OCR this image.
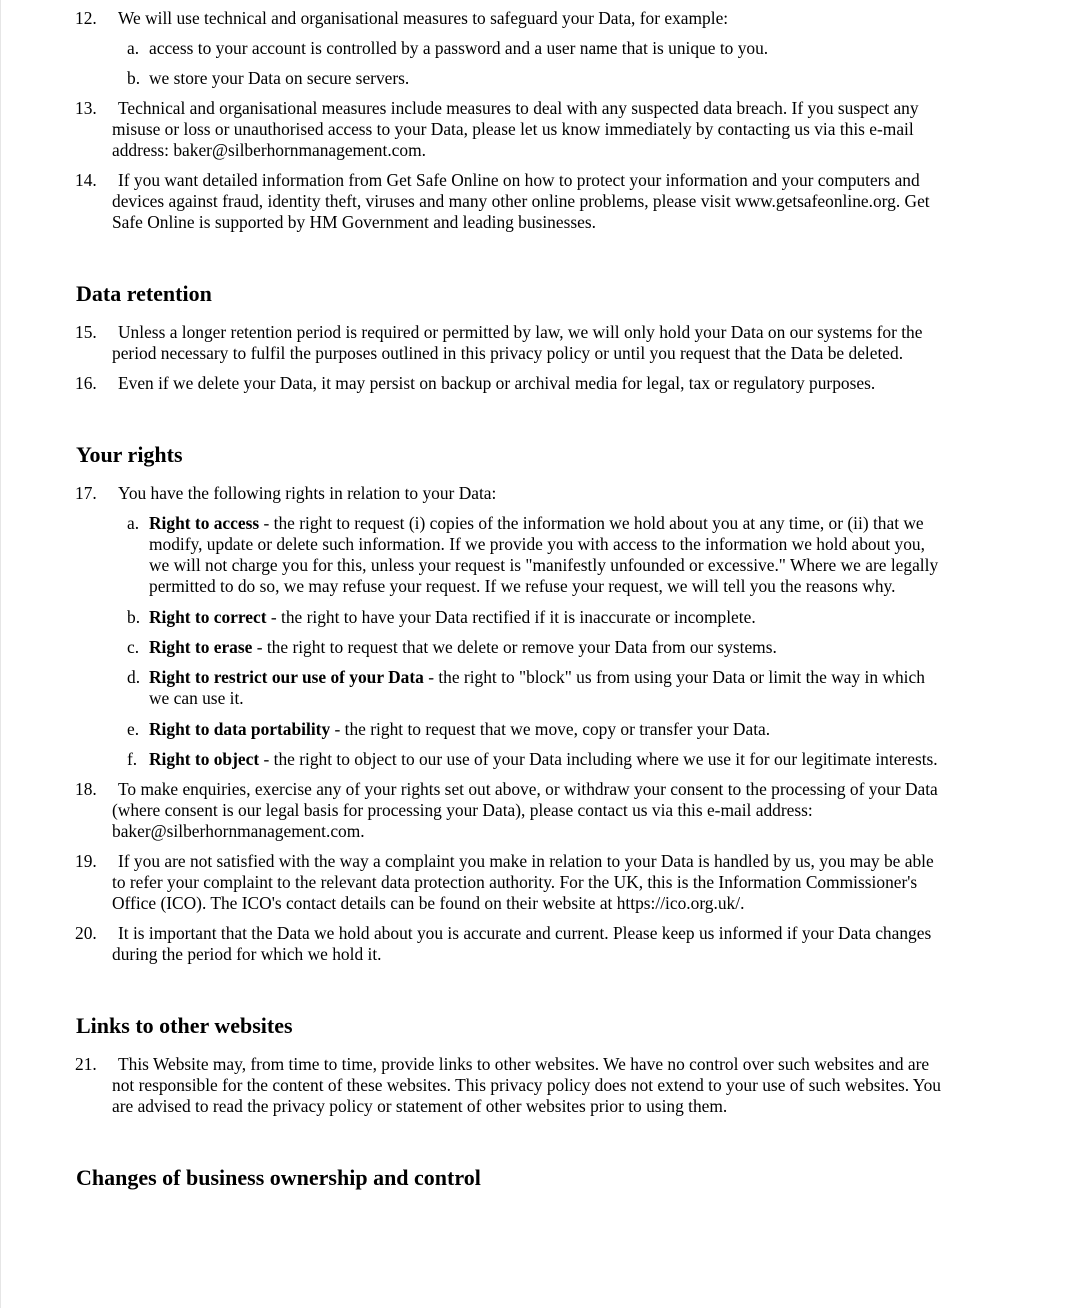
12.	We will use technical and organisational measures to safeguard your Data, for example:
a. access to your account is controlled by a password and a user name that is unique to you.
b. we store your Data on secure servers.
13.	Technical and organisational measures include measures to deal with any suspected data breach. If you suspect any
misuse or loss or unauthorised access to your Data, please let us know immediately by contacting us via this e-mail
address: baker@silberhornmanagement.com.
14.	If you want detailed information from Get Safe Online on how to protect your information and your computers and
devices against fraud, identity theft, viruses and many other online problems, please visit www.getsafeonline.org. Get
Safe Online is supported by HM Government and leading businesses.
Data retention
15.	Unless a longer retention period is required or permitted by law, we will only hold your Data on our systems for the
period necessary to fulfil the purposes outlined in this privacy policy or until you request that the Data be deleted.
16.	Even if we delete your Data, it may persist on backup or archival media for legal, tax or regulatory purposes.
Your rights
17.	You have the following rights in relation to your Data:
a. Right to access - the right to request (i) copies of the information we hold about you at any time, or (ii) that we
modify, update or delete such information. If we provide you with access to the information we hold about you,
we will not charge you for this, unless your request is "manifestly unfounded or excessive." Where we are legally
permitted to do so, we may refuse your request. If we refuse your request, we will tell you the reasons why.
b. Right to correct - the right to have your Data rectified if it is inaccurate or incomplete.
c. Right to erase - the right to request that we delete or remove your Data from our systems.
d. Right to restrict our use of your Data - the right to "block" us from using your Data or limit the way in which
we can use it.
e. Right to data portability - the right to request that we move, copy or transfer your Data.
f. Right to object - the right to object to our use of your Data including where we use it for our legitimate interests.
18.	To make enquiries, exercise any of your rights set out above, or withdraw your consent to the processing of your Data
(where consent is our legal basis for processing your Data), please contact us via this e-mail address:
baker@silberhornmanagement.com.
19.	If you are not satisfied with the way a complaint you make in relation to your Data is handled by us, you may be able
to refer your complaint to the relevant data protection authority. For the UK, this is the Information Commissioner's
Office (ICO). The ICO's contact details can be found on their website at https://ico.org.uk/.
20.	It is important that the Data we hold about you is accurate and current. Please keep us informed if your Data changes
during the period for which we hold it.
Links to other websites
21.	This Website may, from time to time, provide links to other websites. We have no control over such websites and are
not responsible for the content of these websites. This privacy policy does not extend to your use of such websites. You
are advised to read the privacy policy or statement of other websites prior to using them.
Changes of business ownership and control
